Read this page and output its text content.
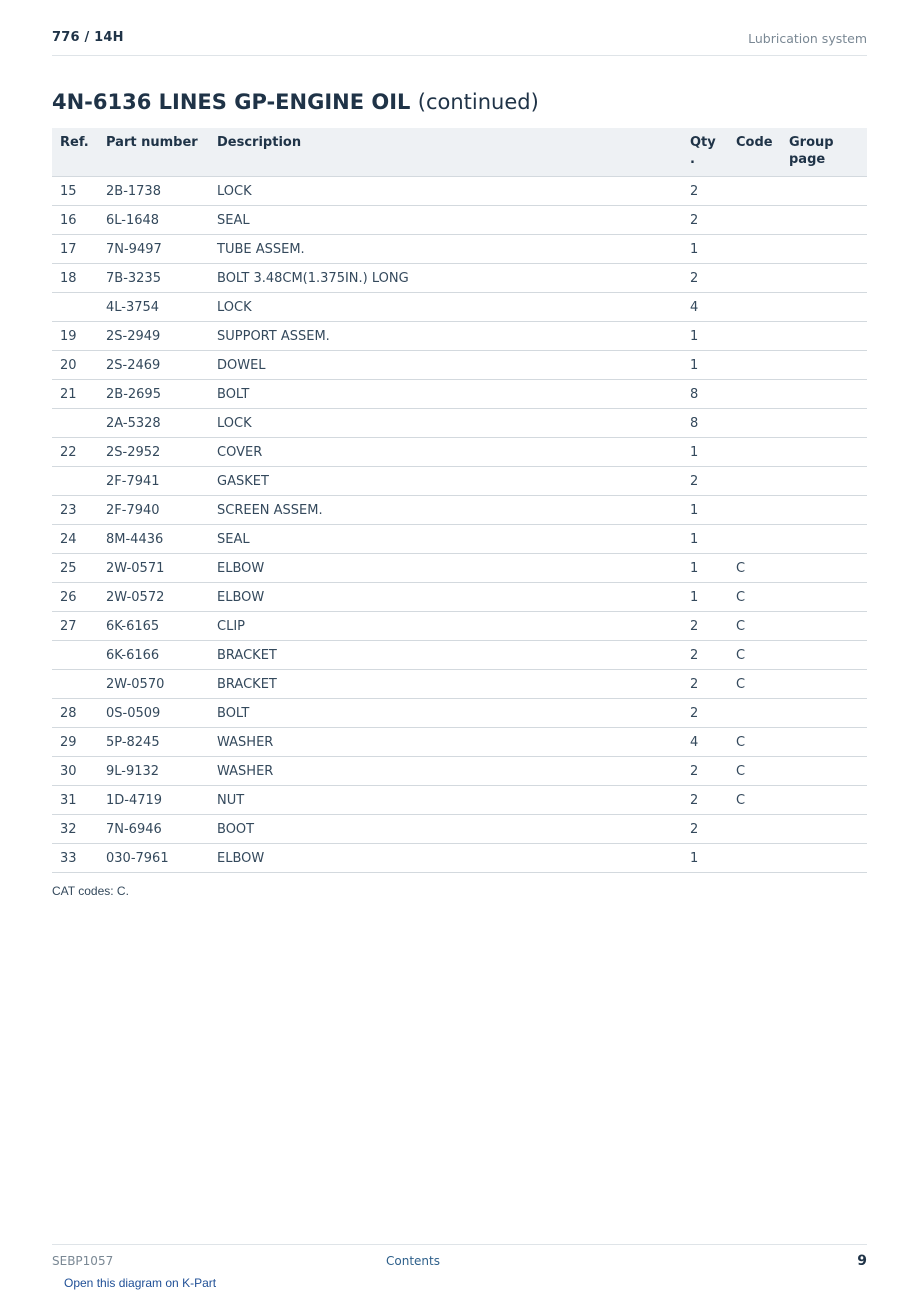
776 / 14H	Lubrication system
4N-6136 LINES GP-ENGINE OIL (continued)
Ref.	Part number	Description	Qty .	Code	Group page
15	2B-1738	LOCK	2		
16	6L-1648	SEAL	2		
17	7N-9497	TUBE ASSEM.	1		
18	7B-3235	BOLT 3.48CM(1.375IN.) LONG	2		
	4L-3754	LOCK	4		
19	2S-2949	SUPPORT ASSEM.	1		
20	2S-2469	DOWEL	1		
21	2B-2695	BOLT	8		
	2A-5328	LOCK	8		
22	2S-2952	COVER	1		
	2F-7941	GASKET	2		
23	2F-7940	SCREEN ASSEM.	1		
24	8M-4436	SEAL	1		
25	2W-0571	ELBOW	1	C	
26	2W-0572	ELBOW	1	C	
27	6K-6165	CLIP	2	C	
	6K-6166	BRACKET	2	C	
	2W-0570	BRACKET	2	C	
28	0S-0509	BOLT	2		
29	5P-8245	WASHER	4	C	
30	9L-9132	WASHER	2	C	
31	1D-4719	NUT	2	C	
32	7N-6946	BOOT	2		
33	030-7961	ELBOW	1		
CAT codes: C.
SEBP1057	Contents	9
Open this diagram on K-Part
